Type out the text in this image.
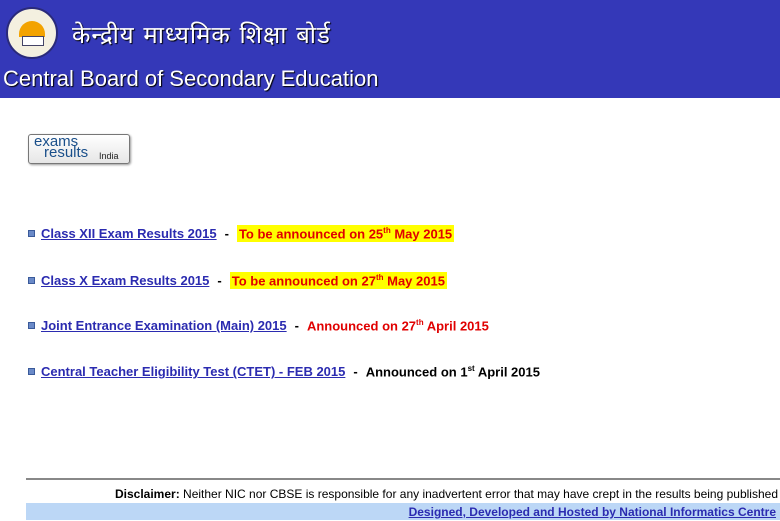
केन्द्रीय माध्यमिक शिक्षा बोर्ड
Central Board of Secondary Education
exams
results India
Class XII Exam Results 2015 - To be announced on 25th May 2015
Class X Exam Results 2015 - To be announced on 27th May 2015
Joint Entrance Examination (Main) 2015 - Announced on 27th April 2015
Central Teacher Eligibility Test (CTET) - FEB 2015 - Announced on 1st April 2015
Disclaimer: Neither NIC nor CBSE is responsible for any inadvertent error that may have crept in the results being published
Designed, Developed and Hosted by National Informatics Centre
